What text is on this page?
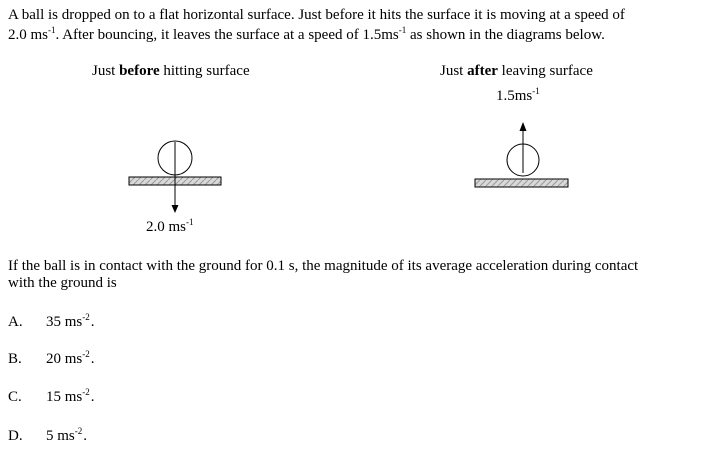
A ball is dropped on to a flat horizontal surface. Just before it hits the surface it is moving at a speed of
2.0 $ms^{-1}$. After bouncing, it leaves the surface at a speed of $1.5ms^{-1}$ as shown in the diagrams below.
Just before hitting surface	Just after leaving surface
$1.5ms^{-1}$
2.0 $ms^{-1}$
If the ball is in contact with the ground for 0.1 s, the magnitude of its average acceleration during contact
with the ground is
A. 35 $ms^{-2}$.
B. 20 $ms^{-2}$.
C. 15 $ms^{-2}$.
D. 5 $ms^{-2}$.
